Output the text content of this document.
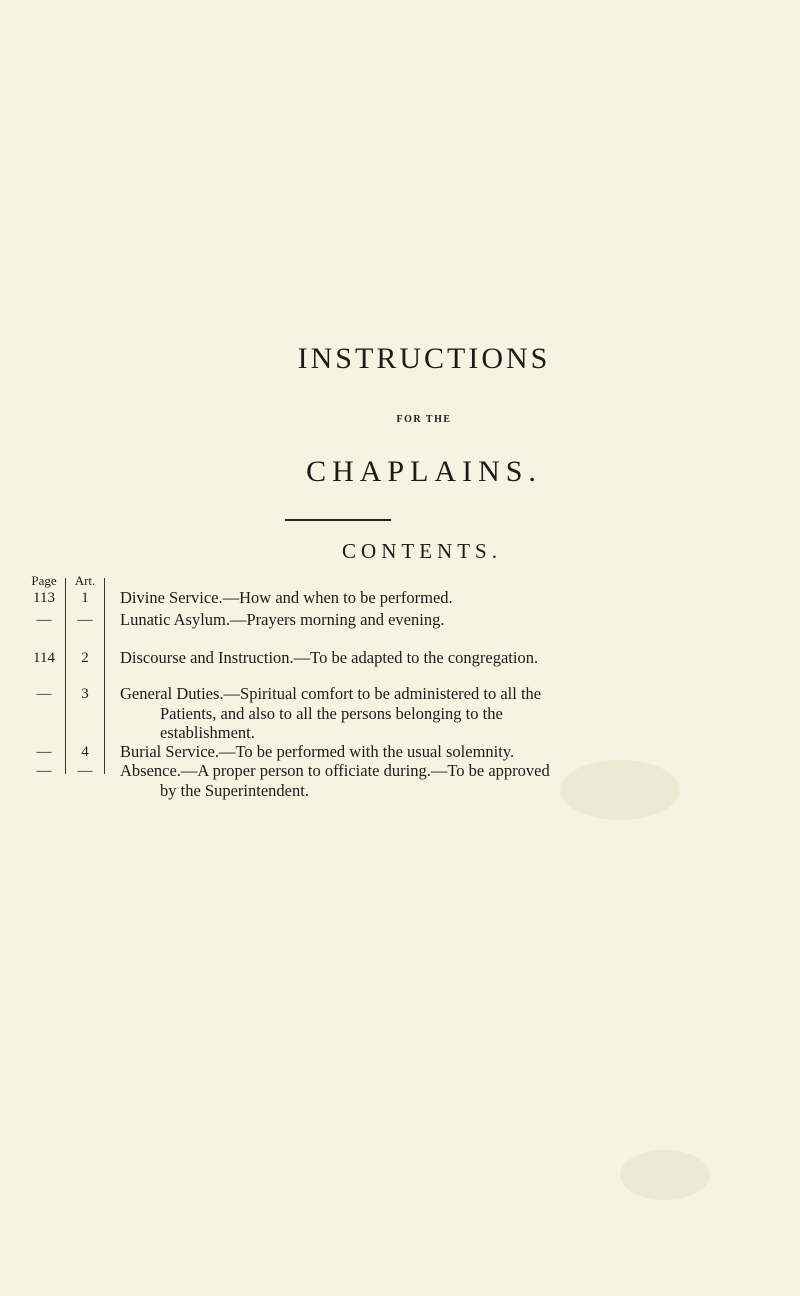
INSTRUCTIONS
FOR THE
CHAPLAINS.
CONTENTS.
Page	Art.
113	1	Divine Service.—How and when to be performed.
—	—	Lunatic Asylum.—Prayers morning and evening.
114	2	Discourse and Instruction.—To be adapted to the congregation.
—	3	General Duties.—Spiritual comfort to be administered to all the
Patients, and also to all the persons belonging to the
establishment.
—	4	Burial Service.—To be performed with the usual solemnity.
—	—	Absence.—A proper person to officiate during.—To be approved
by the Superintendent.
